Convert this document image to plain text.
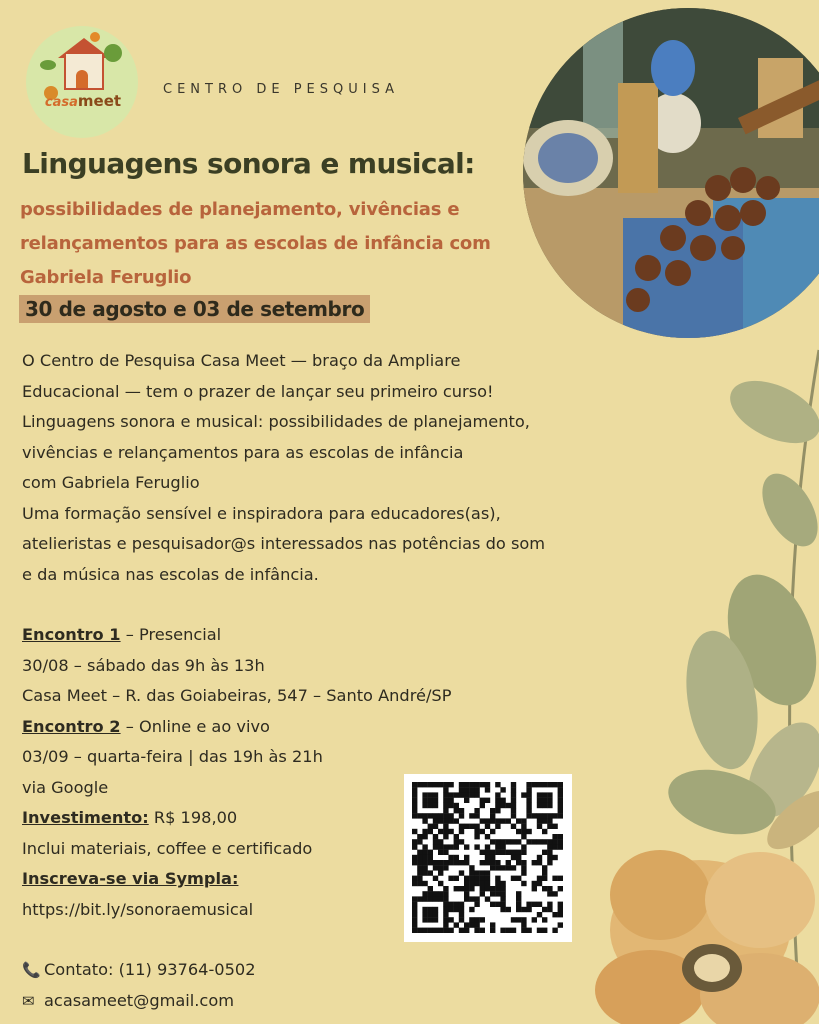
casameet
CENTRO DE PESQUISA
Linguagens sonora e musical:
possibilidades de planejamento, vivências e
relançamentos para as escolas de infância com
Gabriela Feruglio
30 de agosto e 03 de setembro
O Centro de Pesquisa Casa Meet — braço da Ampliare
Educacional — tem o prazer de lançar seu primeiro curso!
Linguagens sonora e musical: possibilidades de planejamento,
vivências e relançamentos para as escolas de infância
com Gabriela Feruglio
Uma formação sensível e inspiradora para educadores(as),
atelieristas e pesquisador@s interessados nas potências do som
e da música nas escolas de infância.
Encontro 1 – Presencial
30/08 – sábado das 9h às 13h
Casa Meet – R. das Goiabeiras, 547 – Santo André/SP
Encontro 2 – Online e ao vivo
03/09 – quarta-feira | das 19h às 21h
via Google
Investimento: R$ 198,00
Inclui materiais, coffee e certificado
Inscreva-se via Sympla:
https://bit.ly/sonoraemusical
📞 Contato: (11) 93764-0502
✉ acasameet@gmail.com
